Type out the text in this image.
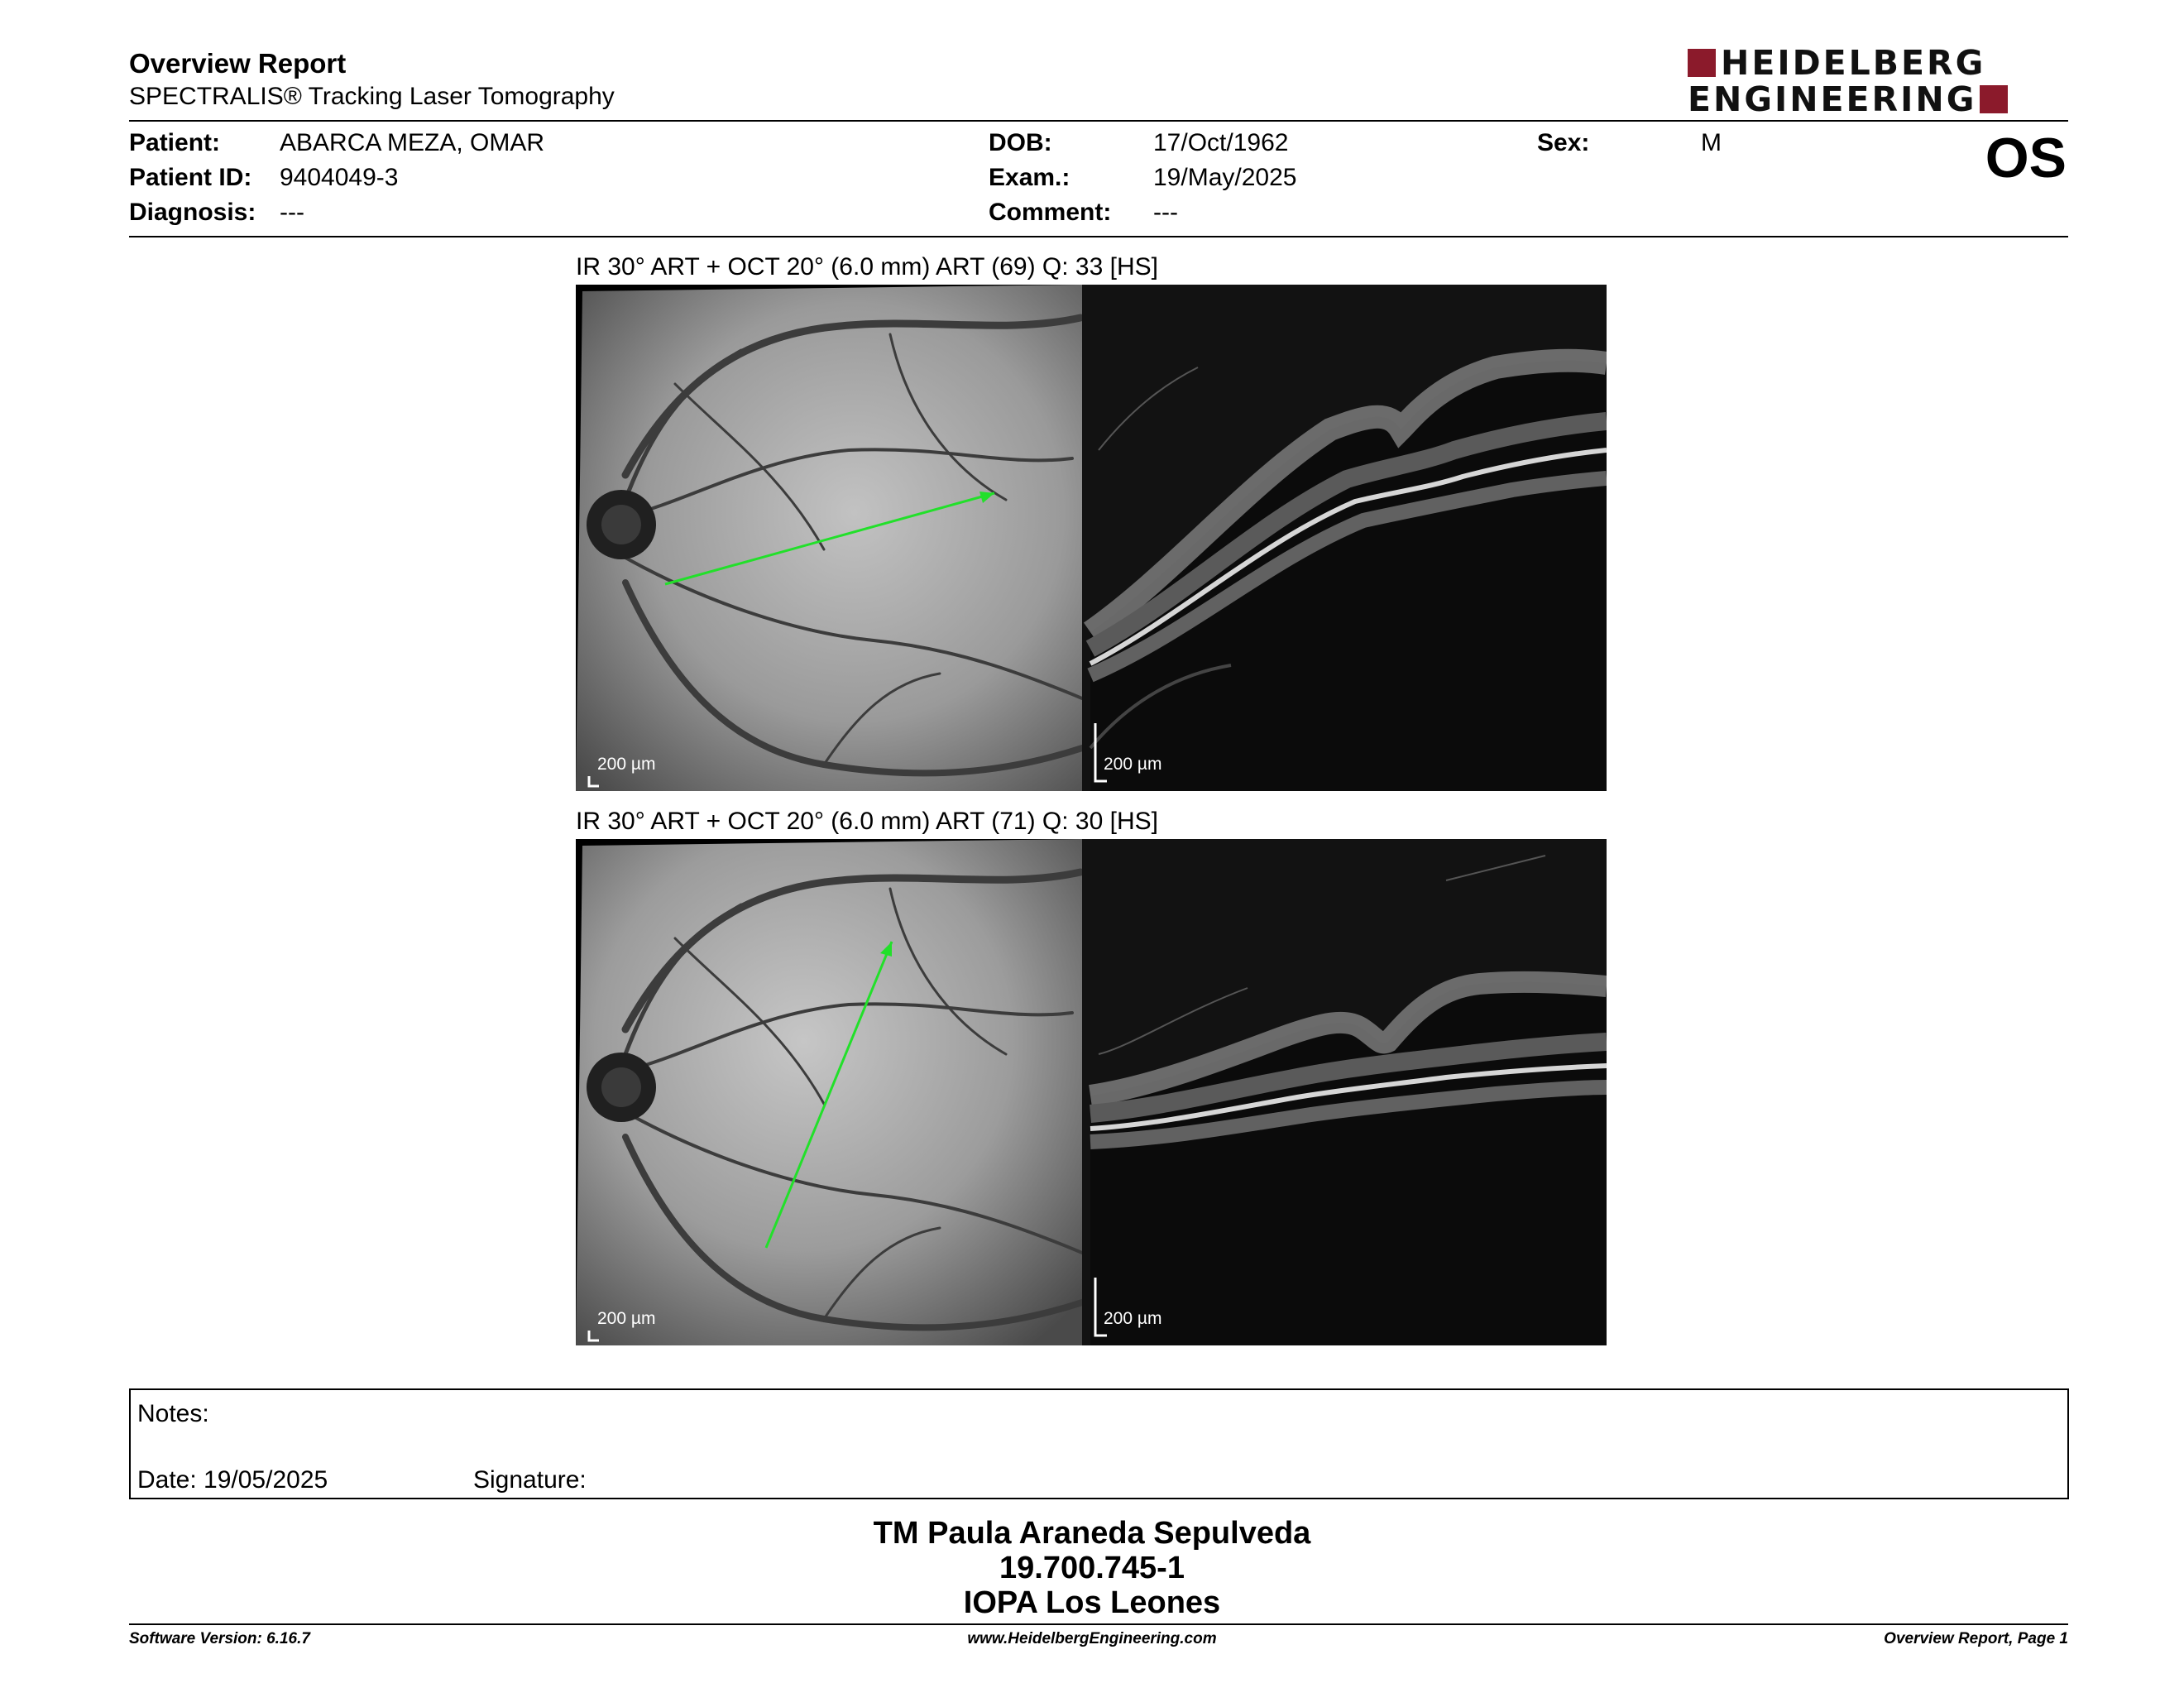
Overview Report
SPECTRALIS® Tracking Laser Tomography
HEIDELBERG
ENGINEERING
Patient: ABARCA MEZA, OMAR
Patient ID: 9404049-3
Diagnosis: ---
DOB:	17/Oct/1962
Exam.:	19/May/2025
Comment: ---
Sex:	M	OS
IR 30° ART + OCT 20° (6.0 mm) ART (69) Q: 33 [HS]
200 µm	200 µm
IR 30° ART + OCT 20° (6.0 mm) ART (71) Q: 30 [HS]
200 µm	200 µm
Notes:
Date: 19/05/2025	Signature:
TM Paula Araneda Sepulveda
19.700.745-1
IOPA Los Leones
Software Version: 6.16.7	www.HeidelbergEngineering.com	Overview Report, Page 1
